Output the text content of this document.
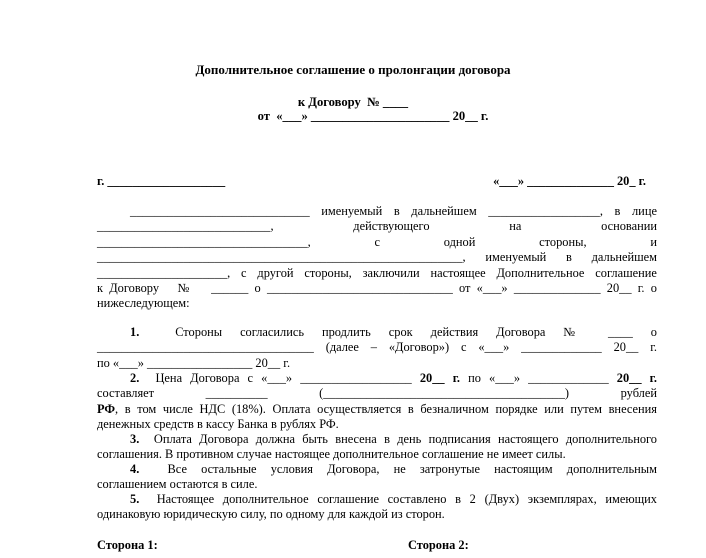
Дополнительное соглашение о пролонгации договора
к Договору  № ____
от  «___» ______________________ 20__ г.
г. ___________________	«___» ______________ 20_ г.
_____________________________ именуемый в дальнейшем __________________, в лице
____________________________,	действующего	на	основании
__________________________________,	с	одной	стороны,	и
___________________________________________________________, именуемый в дальнейшем
_____________________, с другой стороны, заключили настоящее Дополнительное соглашение
к Договору   №   ______ о ______________________________ от «___» ______________ 20__ г. о
нижеследующем:
1.  Стороны согласились продлить срок действия Договора № ____ о
___________________________________ (далее – «Договор») с «___» _____________ 20__ г.
по «___» _________________ 20__ г.
2.  Цена Договора с «___» __________________ 20__ г. по «___» _____________ 20__ г.
составляет	__________	(_______________________________________)	рублей
РФ, в том числе НДС (18%). Оплата осуществляется в безналичном порядке или путем внесения
денежных средств в кассу Банка в рублях РФ.
3.  Оплата Договора должна быть внесена в день подписания настоящего дополнительного
соглашения. В противном случае настоящее дополнительное соглашение не имеет силы.
4.  Все остальные условия Договора, не затронутые настоящим дополнительным
соглашением остаются в силе.
5.  Настоящее дополнительное соглашение составлено в 2 (Двух) экземплярах, имеющих
одинаковую юридическую силу, по одному для каждой из сторон.
Сторона 1:	Сторона 2:
